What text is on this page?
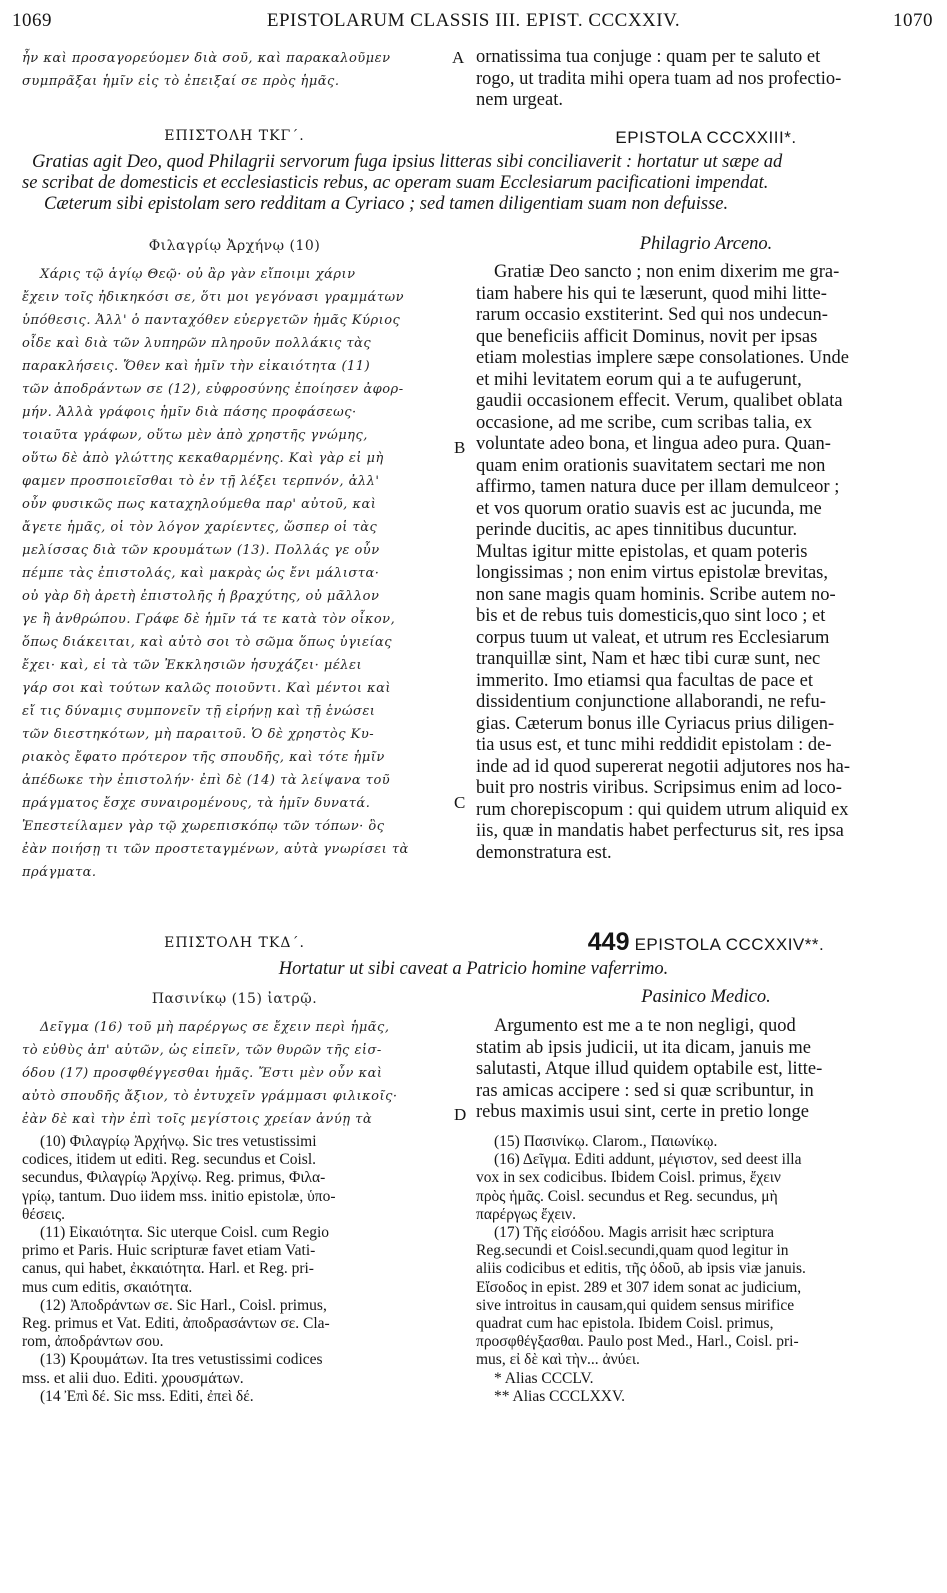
1069	EPISTOLARUM CLASSIS III. EPIST. CCCXXIV.	1070
A
B
C
D
ἦν καὶ προσαγορεύομεν διὰ σοῦ, καὶ παρακαλοῦμεν
συμπρᾶξαι ἡμῖν εἰς τὸ ἐπειξαί σε πρὸς ἡμᾶς.
ornatissima tua conjuge : quam per te saluto et
rogo, ut tradita mihi opera tuam ad nos profectio-
nem urgeat.
ΕΠΙΣΤΟΛΗ ΤΚΓ΄.	EPISTOLA CCCXXIII*.
Gratias agit Deo, quod Philagrii servorum fuga ipsius litteras sibi conciliaverit : hortatur ut sæpe ad
se scribat de domesticis et ecclesiasticis rebus, ac operam suam Ecclesiarum pacificationi impendat.
Cæterum sibi epistolam sero redditam a Cyriaco ; sed tamen diligentiam suam non defuisse.
Φιλαγρίῳ Ἀρχήνῳ (10)	Philagrio Arceno.
Χάρις τῷ ἁγίῳ Θεῷ· οὐ ἂρ γὰν εἴποιμι χάριν
ἔχειν τοῖς ἠδικηκόσι σε, ὅτι μοι γεγόνασι γραμμάτων
ὑπόθεσις. Ἀλλ' ὁ πανταχόθεν εὐεργετῶν ἡμᾶς Κύριος
οἶδε καὶ διὰ τῶν λυπηρῶν πληροῦν πολλάκις τὰς
παρακλήσεις. Ὅθεν καὶ ἡμῖν τὴν εἰκαιότητα (11)
τῶν ἀποδράντων σε (12), εὐφροσύνης ἐποίησεν ἀφορ-
μήν. Ἀλλὰ γράφοις ἡμῖν διὰ πάσης προφάσεως·
τοιαῦτα γράφων, οὕτω μὲν ἀπὸ χρηστῆς γνώμης,
οὕτω δὲ ἀπὸ γλώττης κεκαθαρμένης. Καὶ γὰρ εἰ μὴ
φαμεν προσποιεῖσθαι τὸ ἐν τῇ λέξει τερπνόν, ἀλλ'
οὖν φυσικῶς πως καταχηλούμεθα παρ' αὐτοῦ, καὶ
ἄγετε ἡμᾶς, οἱ τὸν λόγον χαρίεντες, ὥσπερ οἱ τὰς
μελίσσας διὰ τῶν κρουμάτων (13). Πολλάς γε οὖν
πέμπε τὰς ἐπιστολάς, καὶ μακρὰς ὡς ἔνι μάλιστα·
οὐ γὰρ δὴ ἀρετὴ ἐπιστολῆς ἡ βραχύτης, οὐ μᾶλλον
γε ἢ ἀνθρώπου. Γράφε δὲ ἡμῖν τά τε κατὰ τὸν οἶκον,
ὅπως διάκειται, καὶ αὐτὸ σοι τὸ σῶμα ὅπως ὑγιείας
ἔχει· καὶ, εἰ τὰ τῶν Ἐκκλησιῶν ἡσυχάζει· μέλει
γάρ σοι καὶ τούτων καλῶς ποιοῦντι. Καὶ μέντοι καὶ
εἴ τις δύναμις συμπονεῖν τῇ εἰρήνῃ καὶ τῇ ἑνώσει
τῶν διεστηκότων, μὴ παραιτοῦ. Ὁ δὲ χρηστὸς Κυ-
ριακὸς ἔφατο πρότερον τῆς σπουδῆς, καὶ τότε ἡμῖν
ἀπέδωκε τὴν ἐπιστολήν· ἐπὶ δὲ (14) τὰ λείψανα τοῦ
πράγματος ἔσχε συναιρομένους, τὰ ἡμῖν δυνατά.
Ἐπεστείλαμεν γὰρ τῷ χωρεπισκόπῳ τῶν τόπων· ὃς
ἐὰν ποιήσῃ τι τῶν προστεταγμένων, αὐτὰ γνωρίσει τὰ
πράγματα.
Gratiæ Deo sancto ; non enim dixerim me gra-
tiam habere his qui te læserunt, quod mihi litte-
rarum occasio exstiterint. Sed qui nos undecun-
que beneficiis afficit Dominus, novit per ipsas
etiam molestias implere sæpe consolationes. Unde
et mihi levitatem eorum qui a te aufugerunt,
gaudii occasionem effecit. Verum, qualibet oblata
occasione, ad me scribe, cum scribas talia, ex
voluntate adeo bona, et lingua adeo pura. Quan-
quam enim orationis suavitatem sectari me non
affirmo, tamen natura duce per illam demulceor ;
et vos quorum oratio suavis est ac jucunda, me
perinde ducitis, ac apes tinnitibus ducuntur.
Multas igitur mitte epistolas, et quam poteris
longissimas ; non enim virtus epistolæ brevitas,
non sane magis quam hominis. Scribe autem no-
bis et de rebus tuis domesticis,quo sint loco ; et
corpus tuum ut valeat, et utrum res Ecclesiarum
tranquillæ sint, Nam et hæc tibi curæ sunt, nec
immerito. Imo etiamsi qua facultas de pace et
dissidentium conjunctione allaborandi, ne refu-
gias. Cæterum bonus ille Cyriacus prius diligen-
tia usus est, et tunc mihi reddidit epistolam : de-
inde ad id quod supererat negotii adjutores nos ha-
buit pro nostris viribus. Scripsimus enim ad loco-
rum chorepiscopum : qui quidem utrum aliquid ex
iis, quæ in mandatis habet perfecturus sit, res ipsa
demonstratura est.
ΕΠΙΣΤΟΛΗ ΤΚΔ΄.	449 EPISTOLA CCCXXIV**.
Hortatur ut sibi caveat a Patricio homine vaferrimo.
Πασινίκῳ (15) ἰατρῷ.	Pasinico Medico.
Δεῖγμα (16) τοῦ μὴ παρέργως σε ἔχειν περὶ ἡμᾶς,
τὸ εὐθὺς ἀπ' αὐτῶν, ὡς εἰπεῖν, τῶν θυρῶν τῆς εἰσ-
όδου (17) προσφθέγγεσθαι ἡμᾶς. Ἔστι μὲν οὖν καὶ
αὐτὸ σπουδῆς ἄξιον, τὸ ἐντυχεῖν γράμμασι φιλικοῖς·
ἐὰν δὲ καὶ τὴν ἐπὶ τοῖς μεγίστοις χρείαν ἀνύῃ τὰ
Argumento est me a te non negligi, quod
statim ab ipsis judicii, ut ita dicam, januis me
salutasti, Atque illud quidem optabile est, litte-
ras amicas accipere : sed si quæ scribuntur, in
rebus maximis usui sint, certe in pretio longe
(10) Φιλαγρίῳ Ἀρχήνῳ. Sic tres vetustissimi
codices, itidem ut editi. Reg. secundus et Coisl.
secundus, Φιλαγρίῳ Ἀρχίνῳ. Reg. primus, Φιλα-
γρίῳ, tantum. Duo iidem mss. initio epistolæ, ὑπο-
θέσεις.
(11) Εἰκαιότητα. Sic uterque Coisl. cum Regio
primo et Paris. Huic scripturæ favet etiam Vati-
canus, qui habet, ἐκκαιότητα. Harl. et Reg. pri-
mus cum editis, σκαιότητα.
(12) Ἀποδράντων σε. Sic Harl., Coisl. primus,
Reg. primus et Vat. Editi, ἀποδρασάντων σε. Cla-
rom, ἀποδράντων σου.
(13) Κρουμάτων. Ita tres vetustissimi codices
mss. et alii duo. Editi. χρουσμάτων.
(14 Ἐπὶ δέ. Sic mss. Editi, ἐπεὶ δέ.
(15) Πασινίκῳ. Clarom., Παιωνίκῳ.
(16) Δεῖγμα. Editi addunt, μέγιστον, sed deest illa
vox in sex codicibus. Ibidem Coisl. primus, ἔχειν
πρὸς ἡμᾶς. Coisl. secundus et Reg. secundus, μὴ
παρέργως ἔχειν.
(17) Τῆς εἰσόδου. Magis arrisit hæc scriptura
Reg.secundi et Coisl.secundi,quam quod legitur in
aliis codicibus et editis, τῆς ὁδοῦ, ab ipsis viæ januis.
Εἴσοδος in epist. 289 et 307 idem sonat ac judicium,
sive introitus in causam,qui quidem sensus mirifice
quadrat cum hac epistola. Ibidem Coisl. primus,
προσφθέγξασθαι. Paulo post Med., Harl., Coisl. pri-
mus, εἰ δὲ καὶ τὴν... ἀνύει.
* Alias CCCLV.
** Alias CCCLXXV.
